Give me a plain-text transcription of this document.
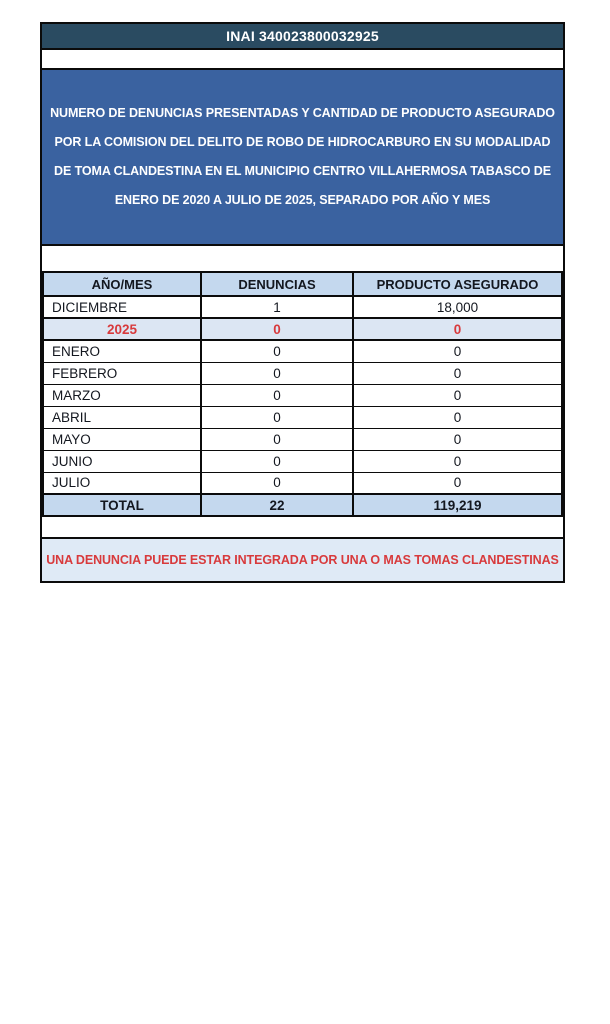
INAI 340023800032925
NUMERO DE DENUNCIAS PRESENTADAS Y CANTIDAD DE PRODUCTO ASEGURADO POR LA COMISION DEL DELITO DE ROBO DE HIDROCARBURO EN SU MODALIDAD DE TOMA CLANDESTINA EN EL MUNICIPIO CENTRO VILLAHERMOSA TABASCO DE ENERO DE 2020 A JULIO DE 2025, SEPARADO POR AÑO Y MES
AÑO/MES	DENUNCIAS	PRODUCTO ASEGURADO
DICIEMBRE	1	18,000
2025	0	0
ENERO	0	0
FEBRERO	0	0
MARZO	0	0
ABRIL	0	0
MAYO	0	0
JUNIO	0	0
JULIO	0	0
TOTAL	22	119,219
UNA DENUNCIA PUEDE ESTAR INTEGRADA POR UNA O MAS TOMAS CLANDESTINAS
